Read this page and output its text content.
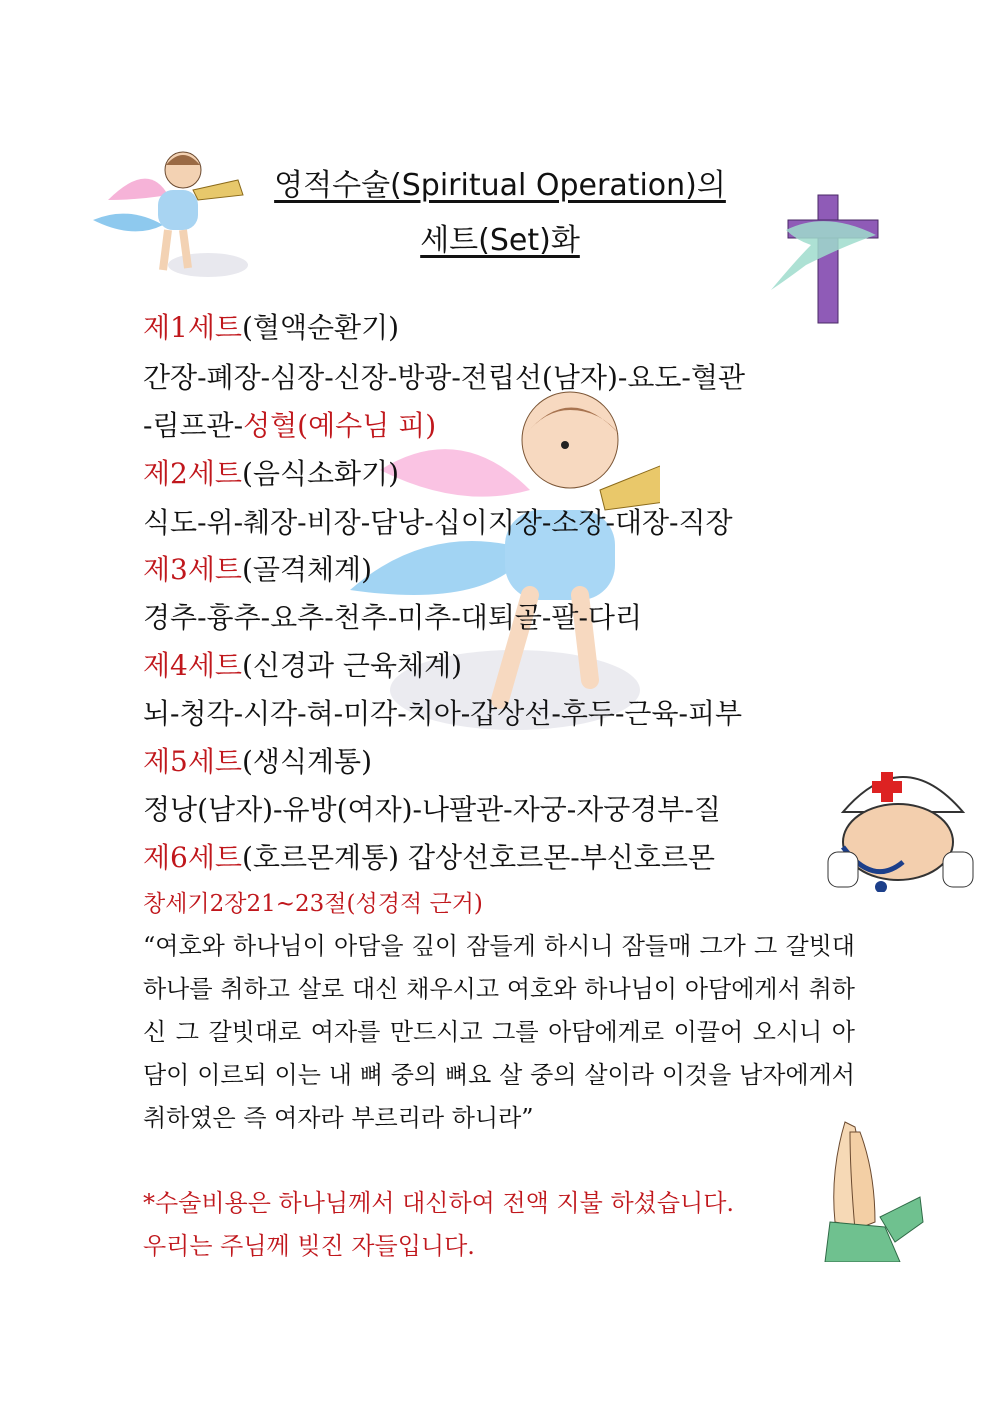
영적수술(Spiritual Operation)의
세트(Set)화
제1세트(혈액순환기)
간장-폐장-심장-신장-방광-전립선(남자)-요도-혈관
-림프관-성혈(예수님 피)
제2세트(음식소화기)
식도-위-췌장-비장-담낭-십이지장-소장-대장-직장
제3세트(골격체계)
경추-흉추-요추-천추-미추-대퇴골-팔-다리
제4세트(신경과 근육체계)
뇌-청각-시각-혀-미각-치아-갑상선-후두-근육-피부
제5세트(생식계통)
정낭(남자)-유방(여자)-나팔관-자궁-자궁경부-질
제6세트(호르몬계통) 갑상선호르몬-부신호르몬
창세기2장21~23절(성경적 근거)
“여호와 하나님이 아담을 깊이 잠들게 하시니 잠들매 그가 그 갈빗대 하나를 취하고 살로 대신 채우시고 여호와 하나님이 아담에게서 취하신 그 갈빗대로 여자를 만드시고 그를 아담에게로 이끌어 오시니 아담이 이르되 이는 내 뼈 중의 뼈요 살 중의 살이라 이것을 남자에게서 취하였은 즉 여자라 부르리라 하니라”
*수술비용은 하나님께서 대신하여 전액 지불 하셨습니다.
우리는 주님께 빚진 자들입니다.
